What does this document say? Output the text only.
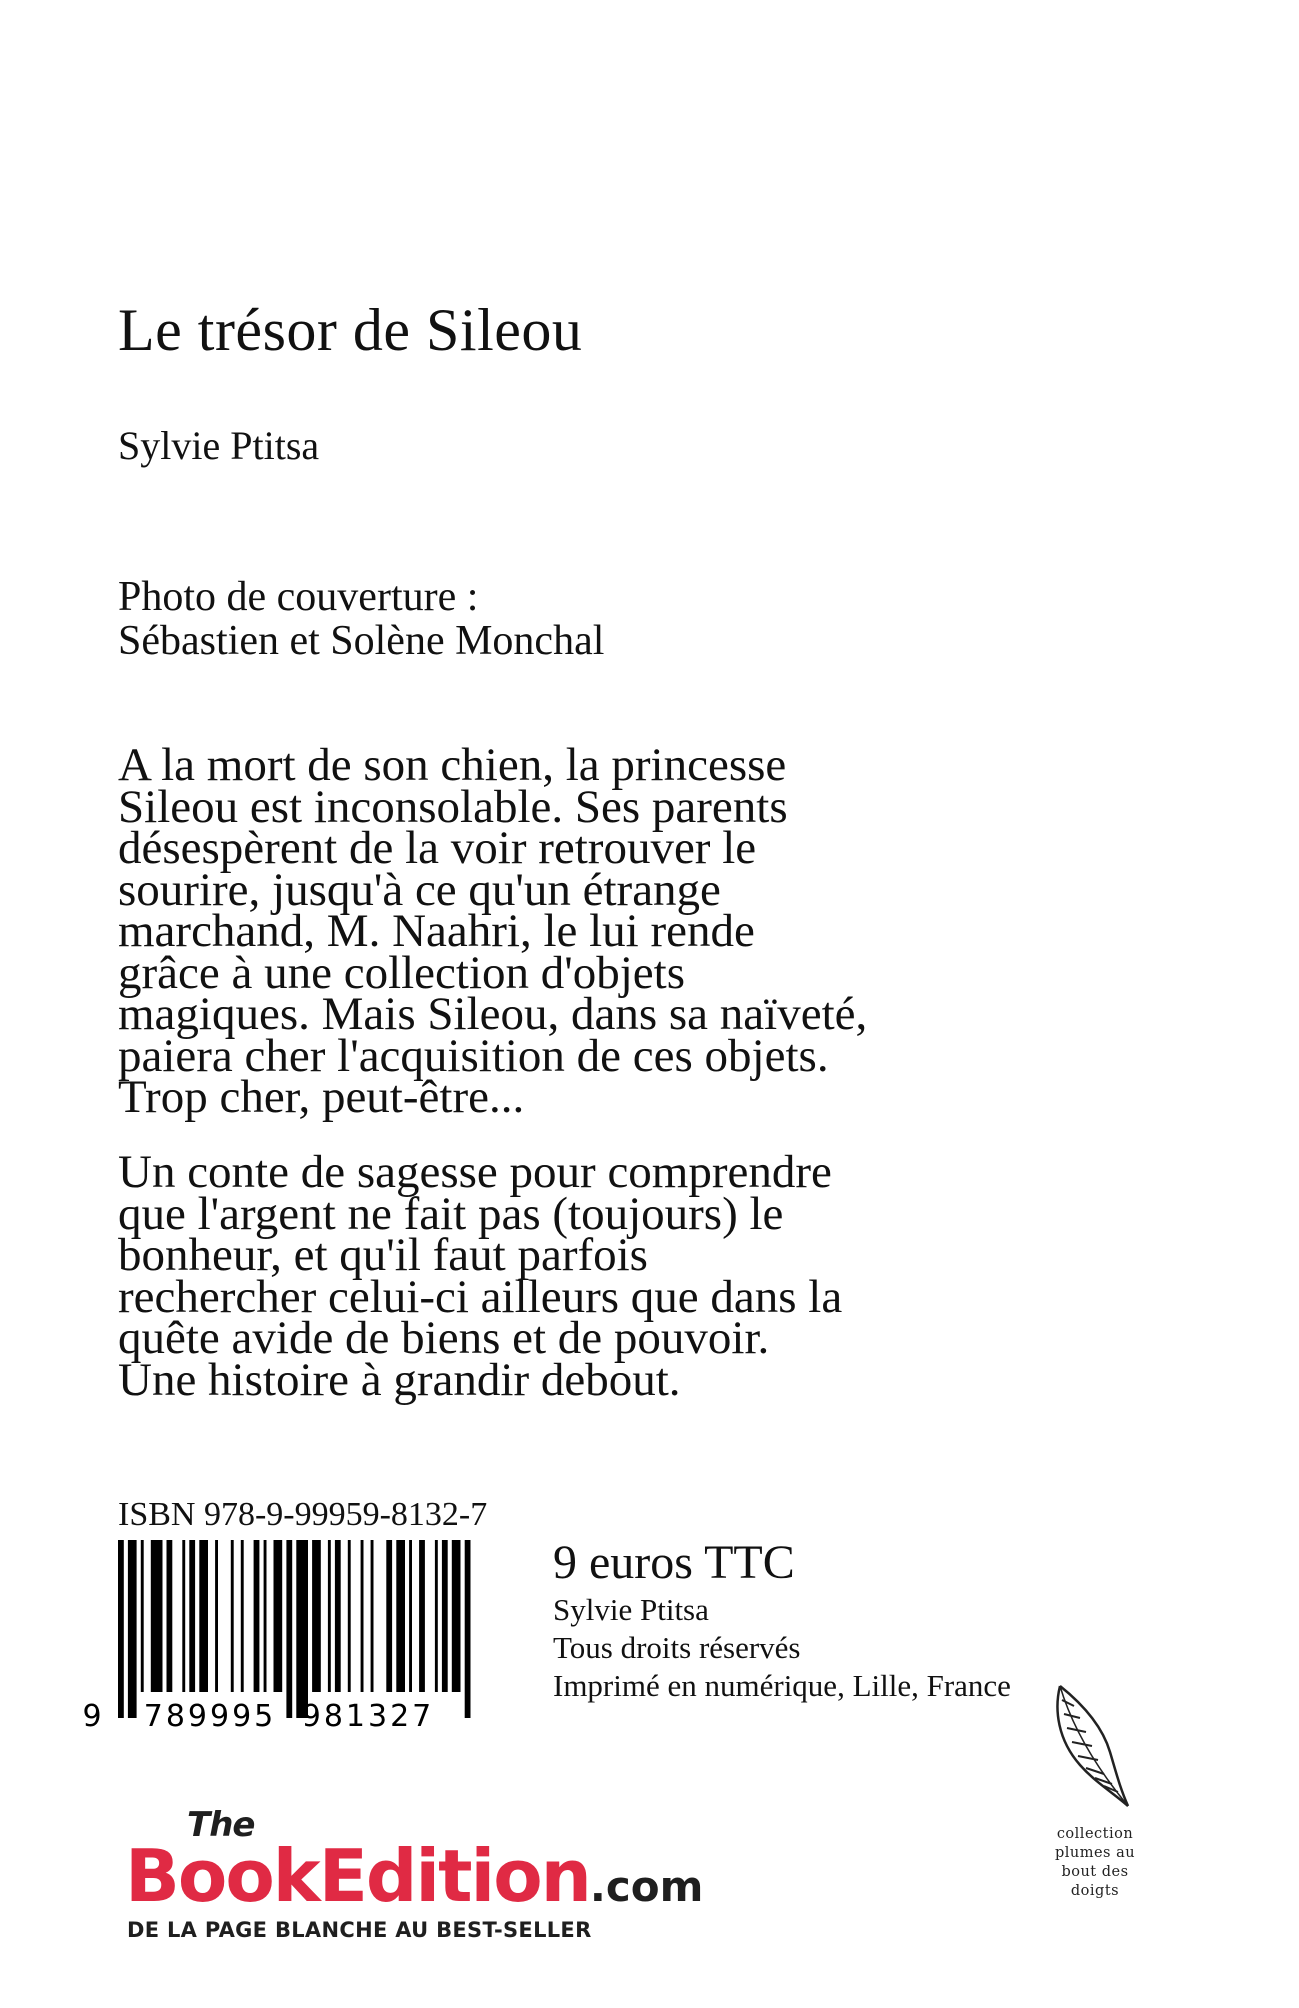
Le trésor de Sileou
Sylvie Ptitsa
Photo de couverture :
Sébastien et Solène Monchal
A la mort de son chien, la princesse
Sileou est inconsolable. Ses parents
désespèrent de la voir retrouver le
sourire, jusqu'à ce qu'un étrange
marchand, M. Naahri, le lui rende
grâce à une collection d'objets
magiques. Mais Sileou, dans sa naïveté,
paiera cher l'acquisition de ces objets.
Trop cher, peut-être...
Un conte de sagesse pour comprendre
que l'argent ne fait pas (toujours) le
bonheur, et qu'il faut parfois
rechercher celui-ci ailleurs que dans la
quête avide de biens et de pouvoir.
Une histoire à grandir debout.
ISBN 978-9-99959-8132-7
9 789995 981327
9 euros TTC
Sylvie Ptitsa
Tous droits réservés
Imprimé en numérique, Lille, France
collection
plumes au
bout des
doigts
The
BookEdition.com
DE LA PAGE BLANCHE AU BEST-SELLER
